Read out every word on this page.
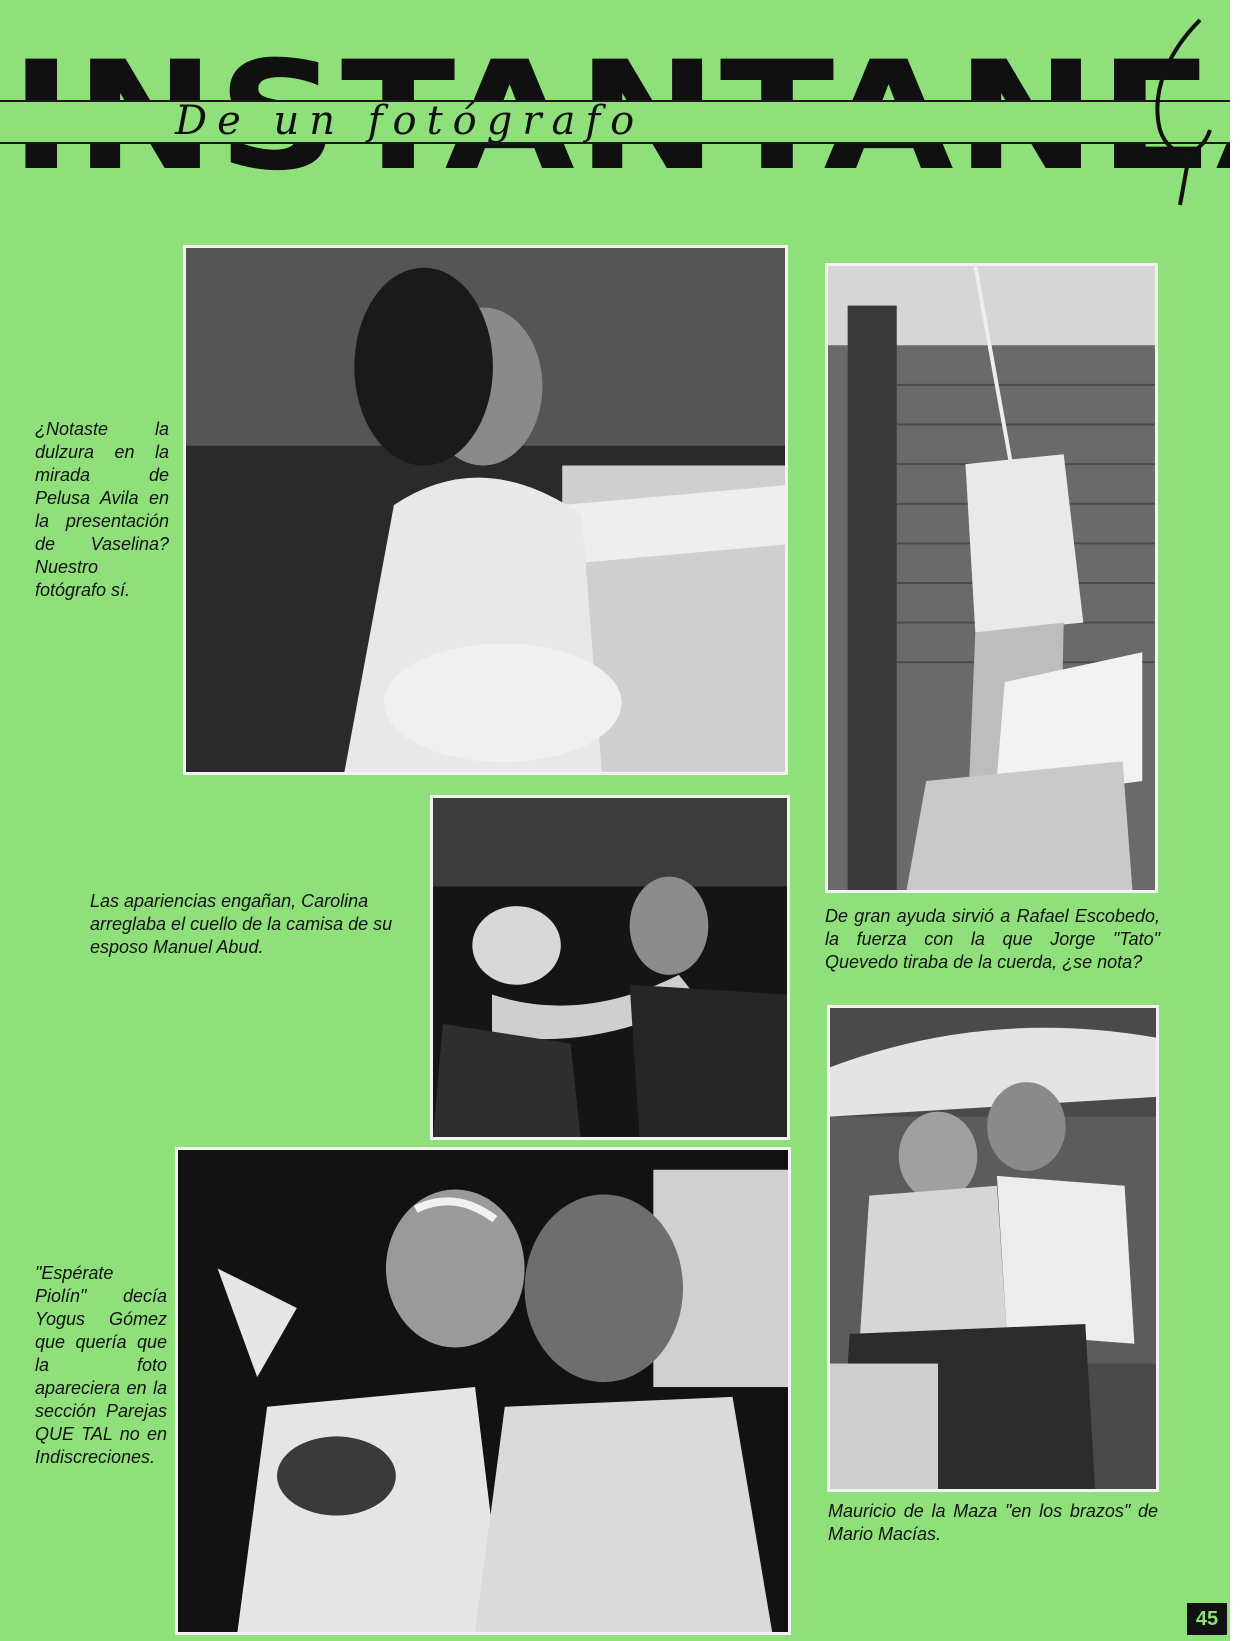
De un fotógrafo
¿Notaste la dulzura en la mirada de Pelusa Avila en la presentación de Vaselina? Nuestro fotógrafo sí.
Las apariencias engañan, Carolina arreglaba el cuello de la camisa de su esposo Manuel Abud.
De gran ayuda sirvió a Rafael Escobedo, la fuerza con la que Jorge "Tato" Quevedo tiraba de la cuerda, ¿se nota?
"Espérate Piolín" decía Yogus Gómez que quería que la foto apareciera en la sección Parejas QUE TAL no en Indiscreciones.
Mauricio de la Maza "en los brazos" de Mario Macías.
45
